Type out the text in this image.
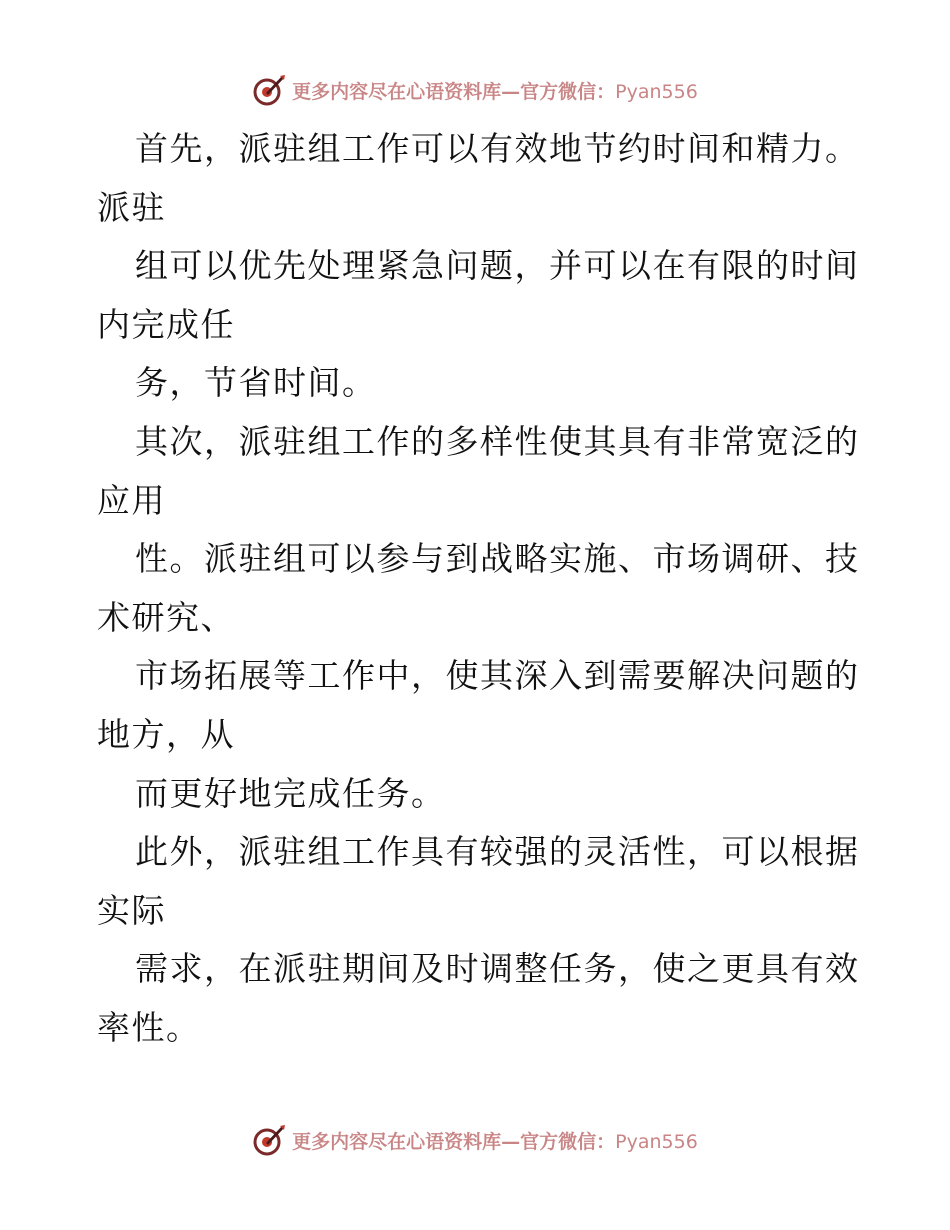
更多内容尽在心语资料库—官方微信：Pyan556
首先，派驻组工作可以有效地节约时间和精力。
派驻
组可以优先处理紧急问题，并可以在有限的时间
内完成任
务，节省时间。
其次，派驻组工作的多样性使其具有非常宽泛的
应用
性。派驻组可以参与到战略实施、市场调研、技
术研究、
市场拓展等工作中，使其深入到需要解决问题的
地方，从
而更好地完成任务。
此外，派驻组工作具有较强的灵活性，可以根据
实际
需求，在派驻期间及时调整任务，使之更具有效
率性。
更多内容尽在心语资料库—官方微信：Pyan556
